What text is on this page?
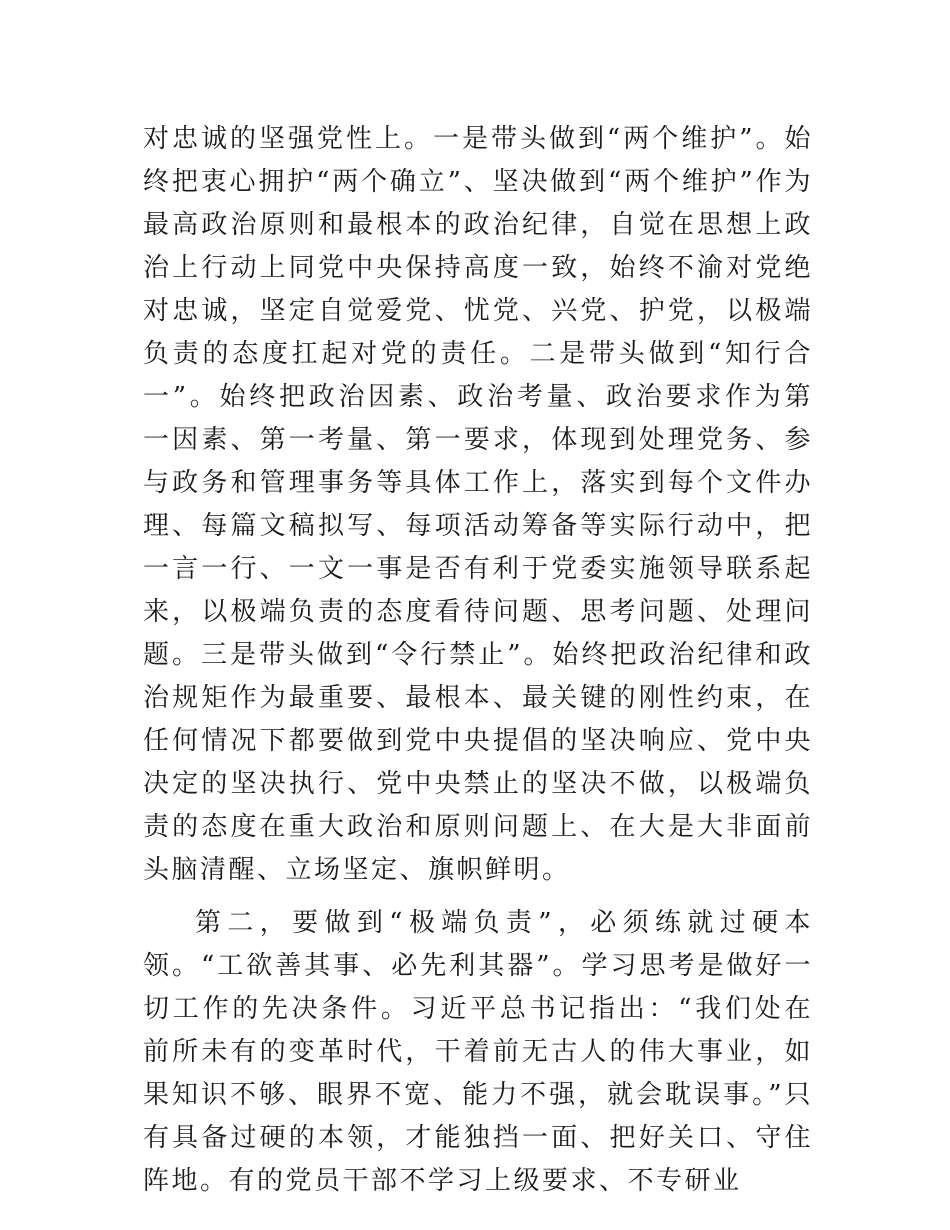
对忠诚的坚强党性上。一是带头做到“两个维护”。始终把衷心拥护“两个确立”、坚决做到“两个维护”作为最高政治原则和最根本的政治纪律，自觉在思想上政治上行动上同党中央保持高度一致，始终不渝对党绝对忠诚，坚定自觉爱党、忧党、兴党、护党，以极端负责的态度扛起对党的责任。二是带头做到“知行合一”。始终把政治因素、政治考量、政治要求作为第一因素、第一考量、第一要求，体现到处理党务、参与政务和管理事务等具体工作上，落实到每个文件办理、每篇文稿拟写、每项活动筹备等实际行动中，把一言一行、一文一事是否有利于党委实施领导联系起来，以极端负责的态度看待问题、思考问题、处理问题。三是带头做到“令行禁止”。始终把政治纪律和政治规矩作为最重要、最根本、最关键的刚性约束，在任何情况下都要做到党中央提倡的坚决响应、党中央决定的坚决执行、党中央禁止的坚决不做，以极端负责的态度在重大政治和原则问题上、在大是大非面前头脑清醒、立场坚定、旗帜鲜明。

第二，要做到“极端负责”，必须练就过硬本领。“工欲善其事、必先利其器”。学习思考是做好一切工作的先决条件。习近平总书记指出：“我们处在前所未有的变革时代，干着前无古人的伟大事业，如果知识不够、眼界不宽、能力不强，就会耽误事。”只有具备过硬的本领，才能独挡一面、把好关口、守住阵地。有的党员干部不学习上级要求、不专研业
